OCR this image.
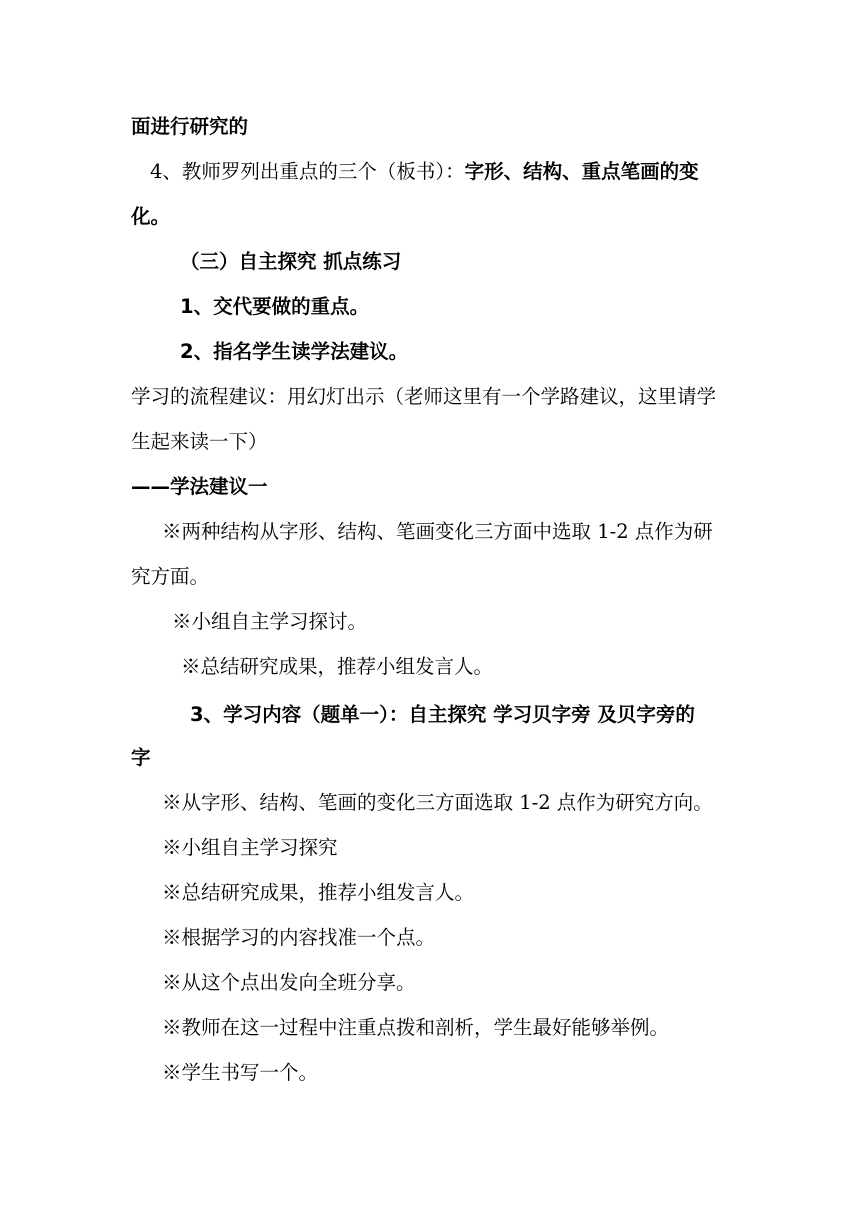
面进行研究的
4、教师罗列出重点的三个（板书）：字形、结构、重点笔画的变
化。
（三）自主探究 抓点练习
1、交代要做的重点。
2、指名学生读学法建议。
学习的流程建议：用幻灯出示（老师这里有一个学路建议，这里请学
生起来读一下）
——学法建议一
※两种结构从字形、结构、笔画变化三方面中选取 1-2 点作为研
究方面。
※小组自主学习探讨。
※总结研究成果，推荐小组发言人。
3、学习内容（题单一）：自主探究 学习贝字旁 及贝字旁的
字
※从字形、结构、笔画的变化三方面选取 1-2 点作为研究方向。
※小组自主学习探究
※总结研究成果，推荐小组发言人。
※根据学习的内容找准一个点。
※从这个点出发向全班分享。
※教师在这一过程中注重点拨和剖析，学生最好能够举例。
※学生书写一个。
